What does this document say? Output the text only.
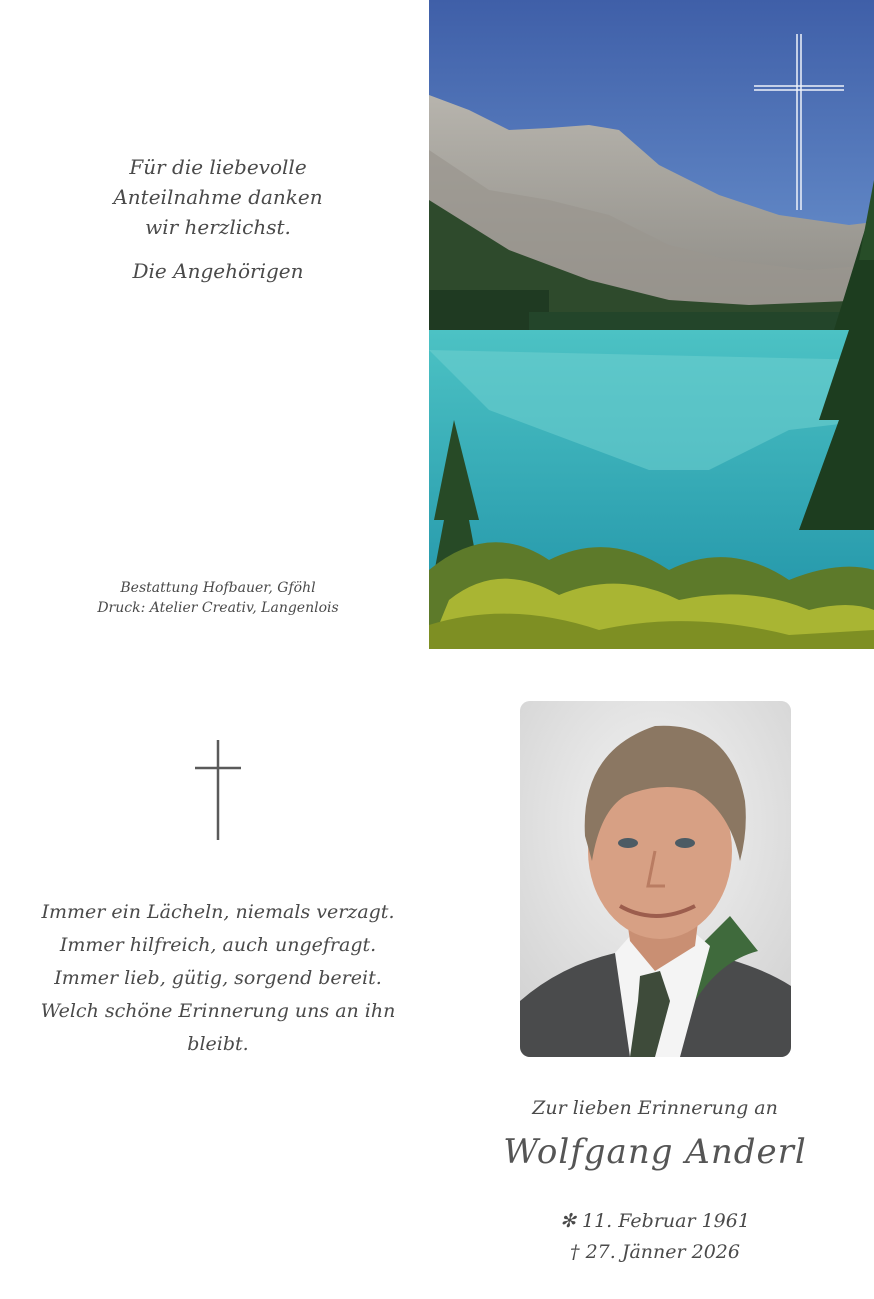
Für die liebevolle
Anteilnahme danken
wir herzlichst.
Die Angehörigen
Bestattung Hofbauer, Gföhl
Druck: Atelier Creativ, Langenlois
Immer ein Lächeln, niemals verzagt.
Immer hilfreich, auch ungefragt.
Immer lieb, gütig, sorgend bereit.
Welch schöne Erinnerung uns an ihn bleibt.
Zur lieben Erinnerung an
Wolfgang Anderl
✻ 11. Februar 1961
† 27. Jänner 2026
